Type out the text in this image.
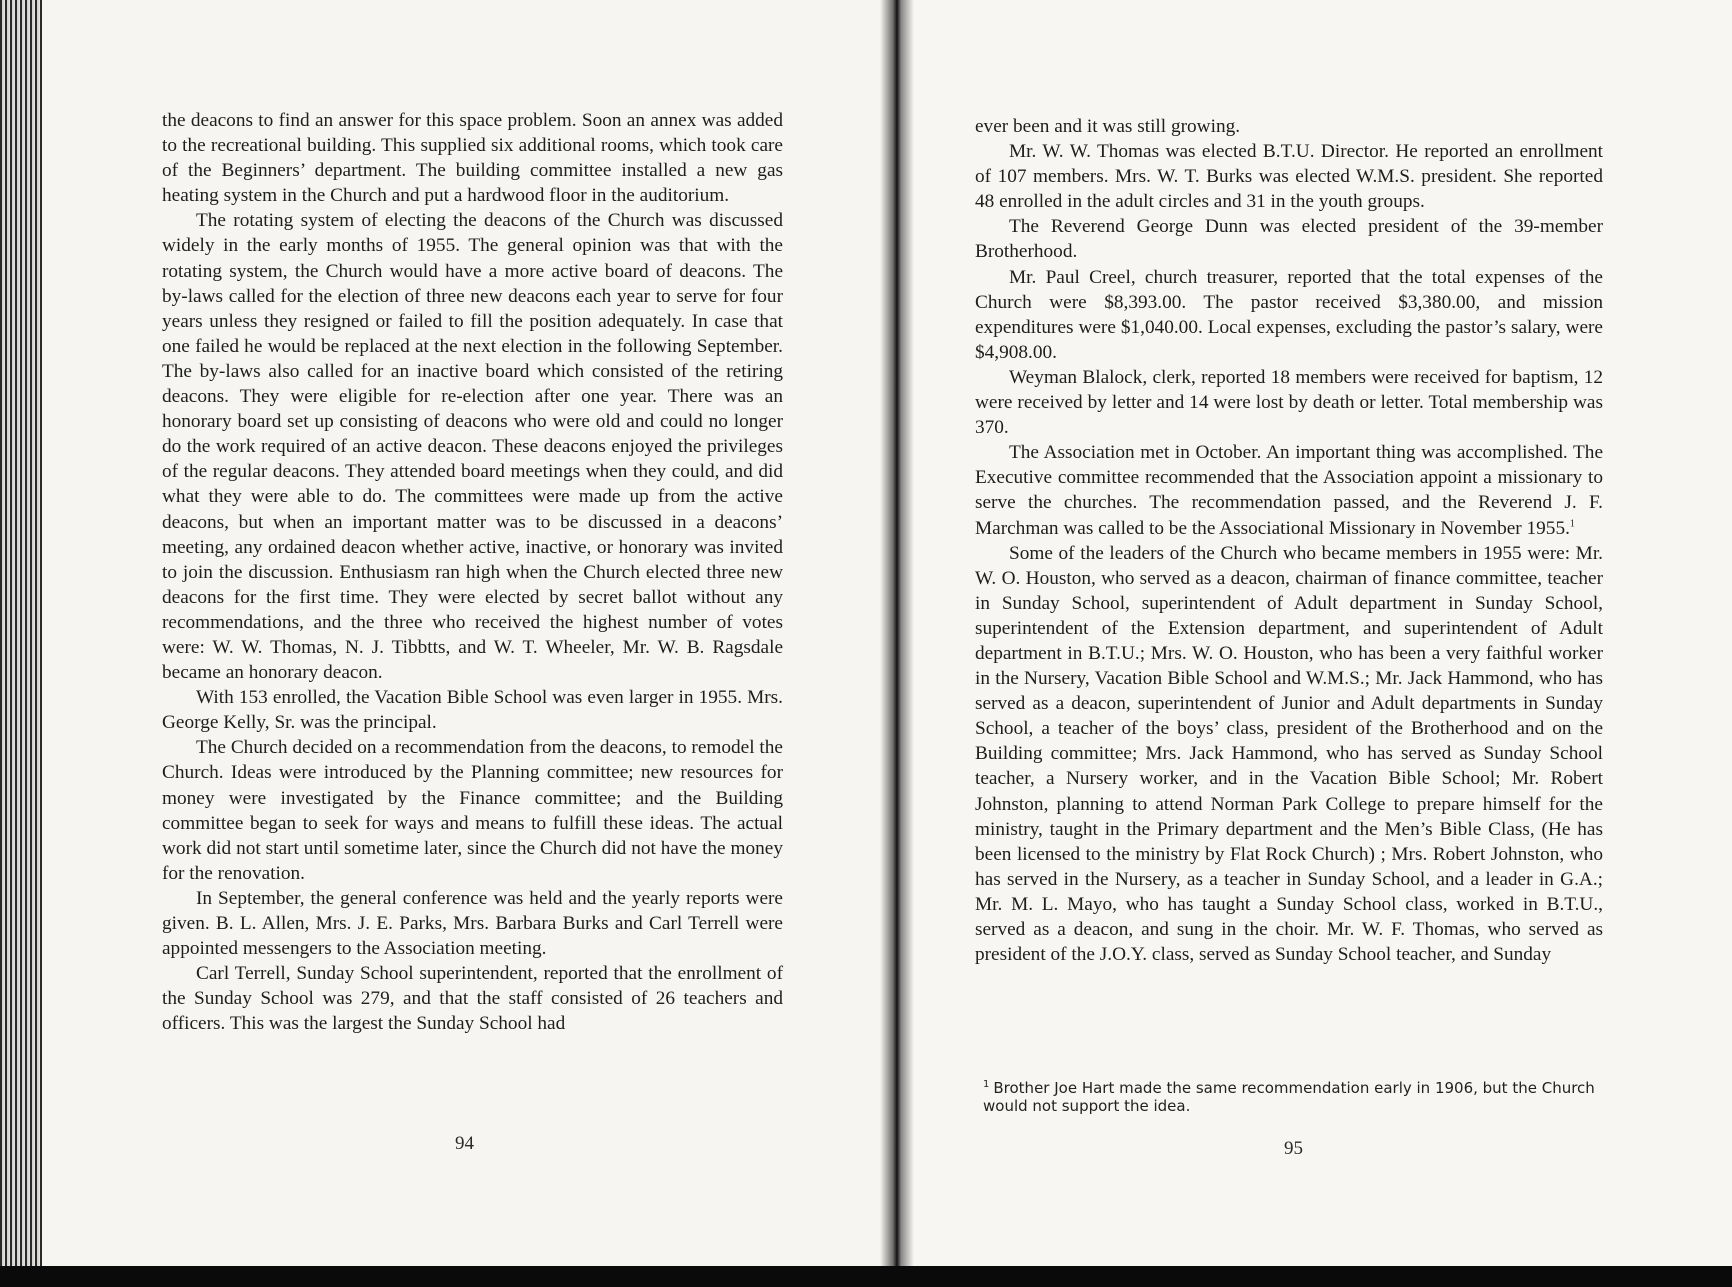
the deacons to find an answer for this space problem. Soon an annex was added to the recreational building. This supplied six additional rooms, which took care of the Beginners’ department. The building committee installed a new gas heating system in the Church and put a hardwood floor in the auditorium.

The rotating system of electing the deacons of the Church was discussed widely in the early months of 1955. The general opinion was that with the rotating system, the Church would have a more active board of deacons. The by-laws called for the election of three new deacons each year to serve for four years unless they resigned or failed to fill the position adequately. In case that one failed he would be replaced at the next election in the following September. The by-laws also called for an inactive board which consisted of the retiring deacons. They were eligible for re-election after one year. There was an honorary board set up consisting of deacons who were old and could no longer do the work required of an active deacon. These deacons enjoyed the privileges of the regular deacons. They attended board meetings when they could, and did what they were able to do. The committees were made up from the active deacons, but when an important matter was to be discussed in a deacons’ meeting, any ordained deacon whether active, inactive, or honorary was invited to join the discussion. Enthusiasm ran high when the Church elected three new deacons for the first time. They were elected by secret ballot without any recommendations, and the three who received the highest number of votes were: W. W. Thomas, N. J. Tibbtts, and W. T. Wheeler, Mr. W. B. Ragsdale became an honorary deacon.

With 153 enrolled, the Vacation Bible School was even larger in 1955. Mrs. George Kelly, Sr. was the principal.

The Church decided on a recommendation from the deacons, to remodel the Church. Ideas were introduced by the Planning committee; new resources for money were investigated by the Finance committee; and the Building committee began to seek for ways and means to fulfill these ideas. The actual work did not start until sometime later, since the Church did not have the money for the renovation.

In September, the general conference was held and the yearly reports were given. B. L. Allen, Mrs. J. E. Parks, Mrs. Barbara Burks and Carl Terrell were appointed messengers to the Association meeting.

Carl Terrell, Sunday School superintendent, reported that the enrollment of the Sunday School was 279, and that the staff consisted of 26 teachers and officers. This was the largest the Sunday School had

94

ever been and it was still growing.

Mr. W. W. Thomas was elected B.T.U. Director. He reported an enrollment of 107 members. Mrs. W. T. Burks was elected W.M.S. president. She reported 48 enrolled in the adult circles and 31 in the youth groups.

The Reverend George Dunn was elected president of the 39-member Brotherhood.

Mr. Paul Creel, church treasurer, reported that the total expenses of the Church were $8,393.00. The pastor received $3,380.00, and mission expenditures were $1,040.00. Local expenses, excluding the pastor’s salary, were $4,908.00.

Weyman Blalock, clerk, reported 18 members were received for baptism, 12 were received by letter and 14 were lost by death or letter. Total membership was 370.

The Association met in October. An important thing was accomplished. The Executive committee recommended that the Association appoint a missionary to serve the churches. The recommendation passed, and the Reverend J. F. Marchman was called to be the Associational Missionary in November 1955.$^1$

Some of the leaders of the Church who became members in 1955 were: Mr. W. O. Houston, who served as a deacon, chairman of finance committee, teacher in Sunday School, superintendent of Adult department in Sunday School, superintendent of the Extension department, and superintendent of Adult department in B.T.U.; Mrs. W. O. Houston, who has been a very faithful worker in the Nursery, Vacation Bible School and W.M.S.; Mr. Jack Hammond, who has served as a deacon, superintendent of Junior and Adult departments in Sunday School, a teacher of the boys’ class, president of the Brotherhood and on the Building committee; Mrs. Jack Hammond, who has served as Sunday School teacher, a Nursery worker, and in the Vacation Bible School; Mr. Robert Johnston, planning to attend Norman Park College to prepare himself for the ministry, taught in the Primary department and the Men’s Bible Class, (He has been licensed to the ministry by Flat Rock Church) ; Mrs. Robert Johnston, who has served in the Nursery, as a teacher in Sunday School, and a leader in G.A.; Mr. M. L. Mayo, who has taught a Sunday School class, worked in B.T.U., served as a deacon, and sung in the choir. Mr. W. F. Thomas, who served as president of the J.O.Y. class, served as Sunday School teacher, and Sunday

$^1$ Brother Joe Hart made the same recommendation early in 1906, but the Church would not support the idea.
95
